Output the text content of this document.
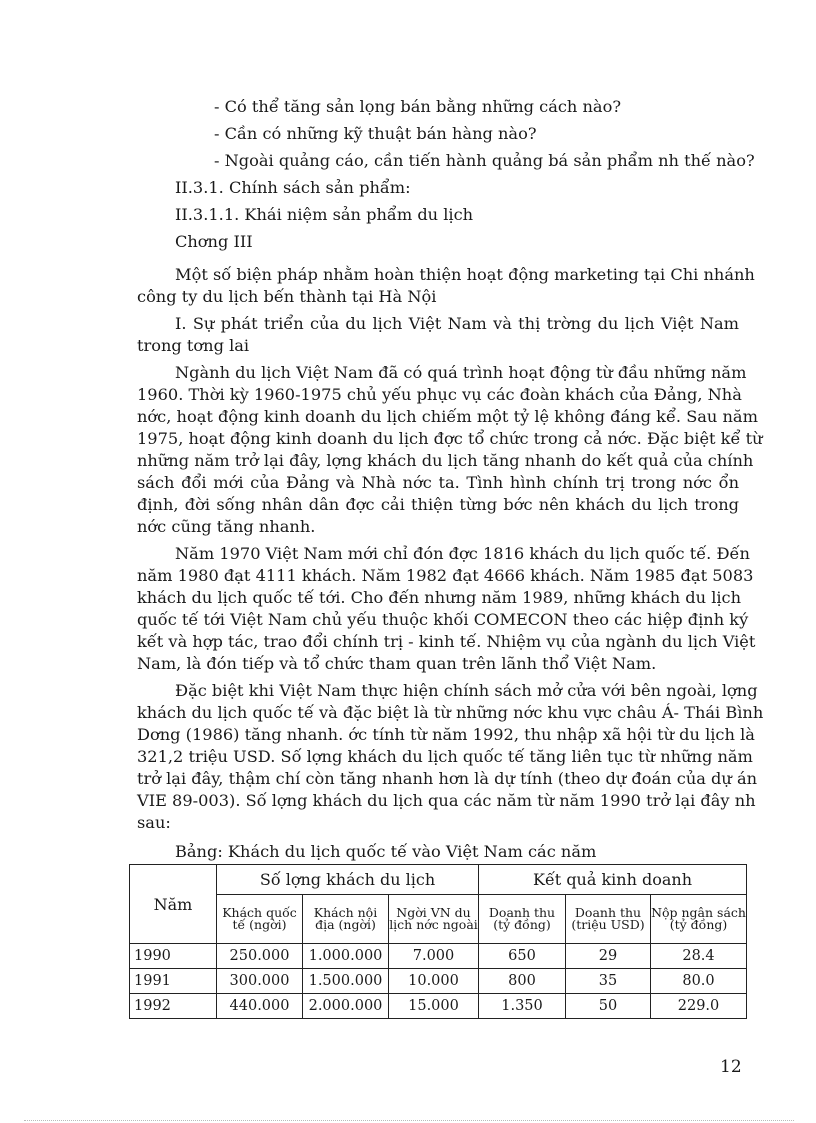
- Có thể tăng sản lọng bán bằng những cách nào?
- Cần có những kỹ thuật bán hàng nào?
- Ngoài quảng cáo, cần tiến hành quảng bá sản phẩm nh thế nào?
II.3.1. Chính sách sản phẩm:
II.3.1.1. Khái niệm sản phẩm du lịch
Chơng III
Một số biện pháp nhằm hoàn thiện hoạt động marketing tại Chi nhánh
công ty du lịch bến thành tại Hà Nội
I. Sự phát triển của du lịch Việt Nam và thị trờng du lịch Việt Nam
trong tơng lai
Ngành du lịch Việt Nam đã có quá trình hoạt động từ đầu những năm
1960. Thời kỳ 1960-1975 chủ yếu phục vụ các đoàn khách của Đảng, Nhà
nớc, hoạt động kinh doanh du lịch chiếm một tỷ lệ không đáng kể. Sau năm
1975, hoạt động kinh doanh du lịch đợc tổ chức trong cả nớc. Đặc biệt kể từ
những năm trở lại đây, lợng khách du lịch tăng nhanh do kết quả của chính
sách đổi mới của Đảng và Nhà nớc ta. Tình hình chính trị trong nớc ổn
định, đời sống nhân dân đợc cải thiện từng bớc nên khách du lịch trong
nớc cũng tăng nhanh.
Năm 1970 Việt Nam mới chỉ đón đợc 1816 khách du lịch quốc tế. Đến
năm 1980 đạt 4111 khách. Năm 1982 đạt 4666 khách. Năm 1985 đạt 5083
khách du lịch quốc tế tới. Cho đến nhưng năm 1989, những khách du lịch
quốc tế tới Việt Nam chủ yếu thuộc khối COMECON theo các hiệp định ký
kết và hợp tác, trao đổi chính trị - kinh tế. Nhiệm vụ của ngành du lịch Việt
Nam, là đón tiếp và tổ chức tham quan trên lãnh thổ Việt Nam.
Đặc biệt khi Việt Nam thực hiện chính sách mở cửa với bên ngoài, lợng
khách du lịch quốc tế và đặc biệt là từ những nớc khu vực châu Á- Thái Bình
Dơng (1986) tăng nhanh. ớc tính từ năm 1992, thu nhập xã hội từ du lịch là
321,2 triệu USD. Số lợng khách du lịch quốc tế tăng liên tục từ những năm
trở lại đây, thậm chí còn tăng nhanh hơn là dự tính (theo dự đoán của dự án
VIE 89-003). Số lợng khách du lịch qua các năm từ năm 1990 trở lại đây nh
sau:
Bảng: Khách du lịch quốc tế vào Việt Nam các năm
Năm	Số lợng khách du lịch			Kết quả kinh doanh		
	Khách quốc tế (ngời)	Khách nội địa (ngời)	Ngời VN du lịch nớc ngoài	Doanh thu (tỷ đồng)	Doanh thu (triệu USD)	Nộp ngân sách (tỷ đồng)
1990	250.000	1.000.000	7.000	650	29	28.4
1991	300.000	1.500.000	10.000	800	35	80.0
1992	440.000	2.000.000	15.000	1.350	50	229.0
12
